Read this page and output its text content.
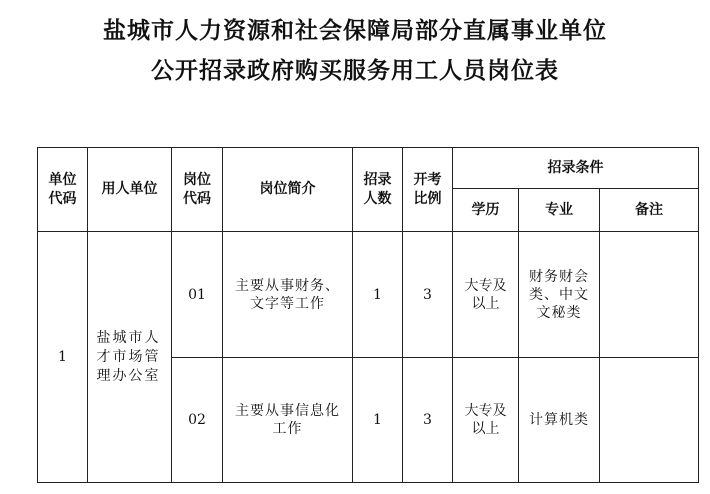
盐城市人力资源和社会保障局部分直属事业单位
公开招录政府购买服务用工人员岗位表
单位代码	用人单位	岗位代码	岗位简介	招录人数	开考比例	招录条件		
						学历	专业	备注
1	盐城市人才市场管理办公室	01	主要从事财务、文字等工作	1	3	大专及以上	财务财会类、中文文秘类	
		02	主要从事信息化工作	1	3	大专及以上	计算机类	
